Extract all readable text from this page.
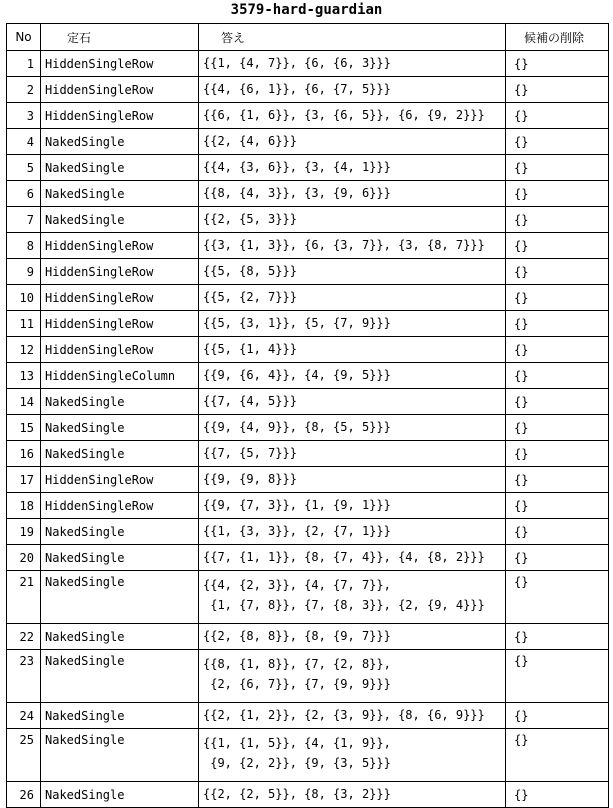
3579-hard-guardian
No	定石	答え	候補の削除
1	HiddenSingleRow	{{1, {4, 7}}, {6, {6, 3}}}	{}
2	HiddenSingleRow	{{4, {6, 1}}, {6, {7, 5}}}	{}
3	HiddenSingleRow	{{6, {1, 6}}, {3, {6, 5}}, {6, {9, 2}}}	{}
4	NakedSingle	{{2, {4, 6}}}	{}
5	NakedSingle	{{4, {3, 6}}, {3, {4, 1}}}	{}
6	NakedSingle	{{8, {4, 3}}, {3, {9, 6}}}	{}
7	NakedSingle	{{2, {5, 3}}}	{}
8	HiddenSingleRow	{{3, {1, 3}}, {6, {3, 7}}, {3, {8, 7}}}	{}
9	HiddenSingleRow	{{5, {8, 5}}}	{}
10	HiddenSingleRow	{{5, {2, 7}}}	{}
11	HiddenSingleRow	{{5, {3, 1}}, {5, {7, 9}}}	{}
12	HiddenSingleRow	{{5, {1, 4}}}	{}
13	HiddenSingleColumn	{{9, {6, 4}}, {4, {9, 5}}}	{}
14	NakedSingle	{{7, {4, 5}}}	{}
15	NakedSingle	{{9, {4, 9}}, {8, {5, 5}}}	{}
16	NakedSingle	{{7, {5, 7}}}	{}
17	HiddenSingleRow	{{9, {9, 8}}}	{}
18	HiddenSingleRow	{{9, {7, 3}}, {1, {9, 1}}}	{}
19	NakedSingle	{{1, {3, 3}}, {2, {7, 1}}}	{}
20	NakedSingle	{{7, {1, 1}}, {8, {7, 4}}, {4, {8, 2}}}	{}
21	NakedSingle	{{4, {2, 3}}, {4, {7, 7}},
{1, {7, 8}}, {7, {8, 3}}, {2, {9, 4}}}	{}
22	NakedSingle	{{2, {8, 8}}, {8, {9, 7}}}	{}
23	NakedSingle	{{8, {1, 8}}, {7, {2, 8}},
{2, {6, 7}}, {7, {9, 9}}}	{}
24	NakedSingle	{{2, {1, 2}}, {2, {3, 9}}, {8, {6, 9}}}	{}
25	NakedSingle	{{1, {1, 5}}, {4, {1, 9}},
{9, {2, 2}}, {9, {3, 5}}}	{}
26	NakedSingle	{{2, {2, 5}}, {8, {3, 2}}}	{}
